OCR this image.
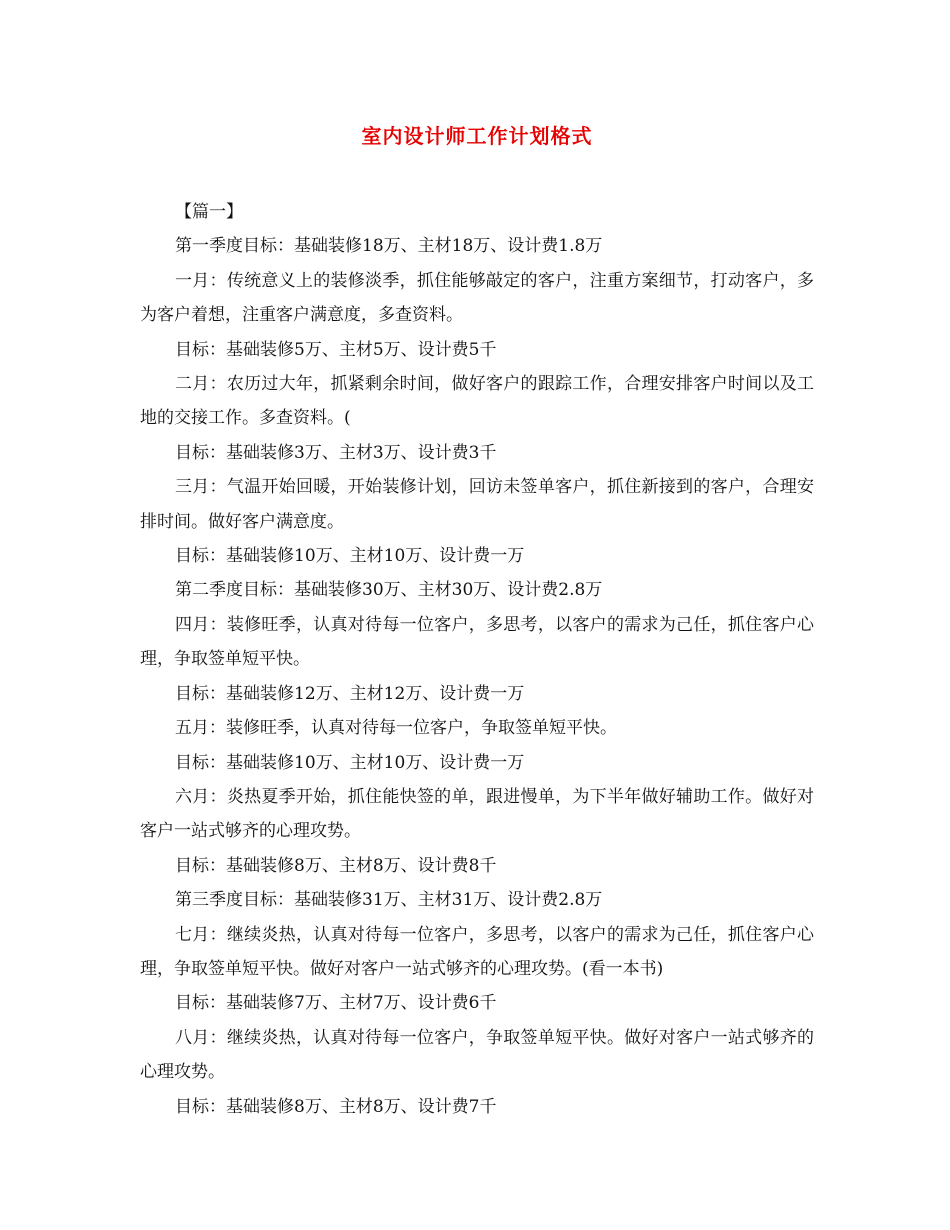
室内设计师工作计划格式

【篇一】

第一季度目标：基础装修18万、主材18万、设计费1.8万

一月：传统意义上的装修淡季，抓住能够敲定的客户，注重方案细节，打动客户，多为客户着想，注重客户满意度，多查资料。

目标：基础装修5万、主材5万、设计费5千

二月：农历过大年，抓紧剩余时间，做好客户的跟踪工作，合理安排客户时间以及工地的交接工作。多查资料。(

目标：基础装修3万、主材3万、设计费3千

三月：气温开始回暖，开始装修计划，回访未签单客户，抓住新接到的客户，合理安排时间。做好客户满意度。

目标：基础装修10万、主材10万、设计费一万

第二季度目标：基础装修30万、主材30万、设计费2.8万

四月：装修旺季，认真对待每一位客户，多思考，以客户的需求为己任，抓住客户心理，争取签单短平快。

目标：基础装修12万、主材12万、设计费一万

五月：装修旺季，认真对待每一位客户，争取签单短平快。

目标：基础装修10万、主材10万、设计费一万

六月：炎热夏季开始，抓住能快签的单，跟进慢单，为下半年做好辅助工作。做好对客户一站式够齐的心理攻势。

目标：基础装修8万、主材8万、设计费8千

第三季度目标：基础装修31万、主材31万、设计费2.8万

七月：继续炎热，认真对待每一位客户，多思考，以客户的需求为己任，抓住客户心理，争取签单短平快。做好对客户一站式够齐的心理攻势。(看一本书)

目标：基础装修7万、主材7万、设计费6千

八月：继续炎热，认真对待每一位客户，争取签单短平快。做好对客户一站式够齐的心理攻势。

目标：基础装修8万、主材8万、设计费7千
